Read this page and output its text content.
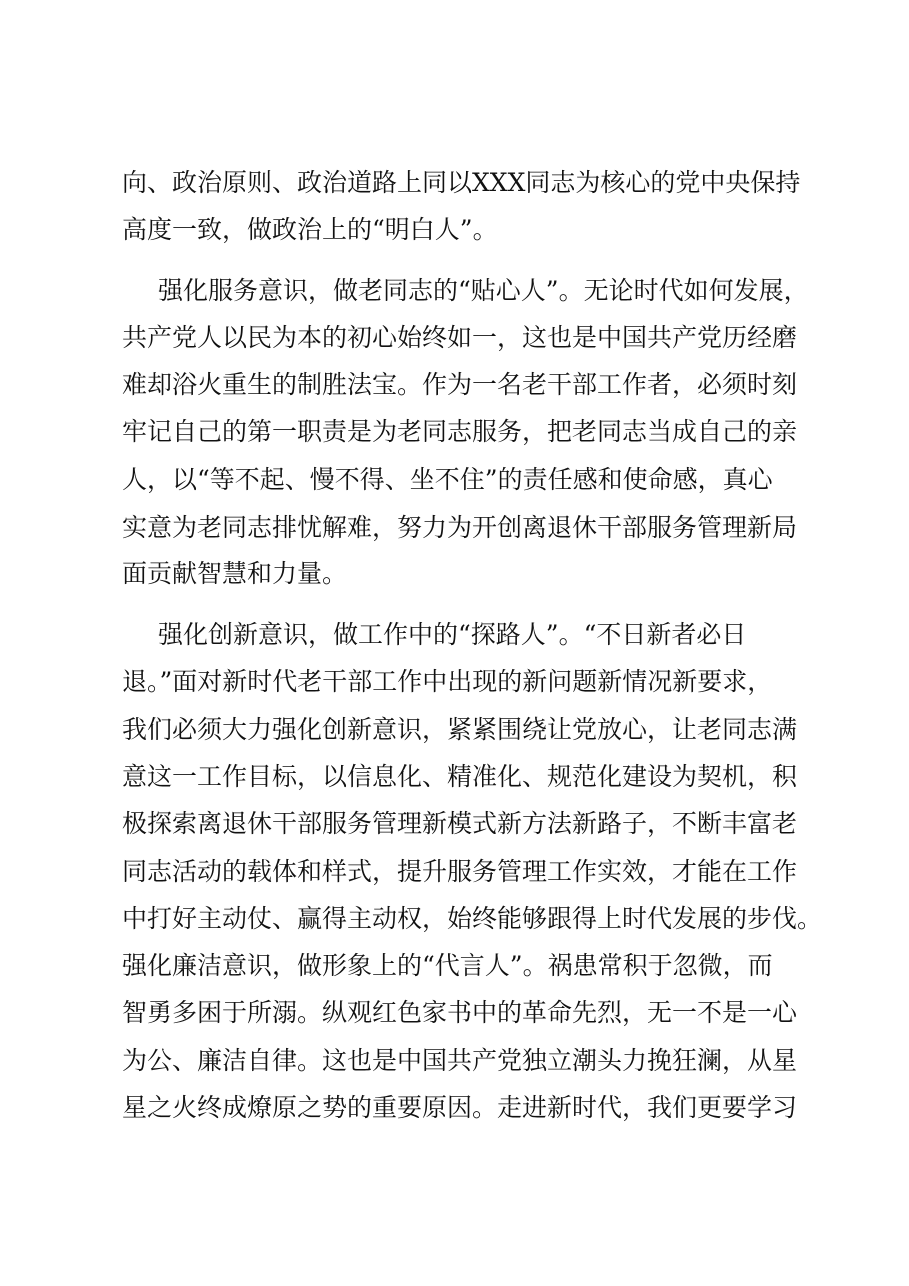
向、政治原则、政治道路上同以XXX同志为核心的党中央保持
高度一致，做政治上的“明白人”。
强化服务意识，做老同志的“贴心人”。无论时代如何发展，
共产党人以民为本的初心始终如一，这也是中国共产党历经磨
难却浴火重生的制胜法宝。作为一名老干部工作者，必须时刻
牢记自己的第一职责是为老同志服务，把老同志当成自己的亲
人，以“等不起、慢不得、坐不住”的责任感和使命感，真心
实意为老同志排忧解难，努力为开创离退休干部服务管理新局
面贡献智慧和力量。
强化创新意识，做工作中的“探路人”。“不日新者必日
退。”面对新时代老干部工作中出现的新问题新情况新要求，
我们必须大力强化创新意识，紧紧围绕让党放心，让老同志满
意这一工作目标，以信息化、精准化、规范化建设为契机，积
极探索离退休干部服务管理新模式新方法新路子，不断丰富老
同志活动的载体和样式，提升服务管理工作实效，才能在工作
中打好主动仗、赢得主动权，始终能够跟得上时代发展的步伐。
强化廉洁意识，做形象上的“代言人”。祸患常积于忽微，而
智勇多困于所溺。纵观红色家书中的革命先烈，无一不是一心
为公、廉洁自律。这也是中国共产党独立潮头力挽狂澜，从星
星之火终成燎原之势的重要原因。走进新时代，我们更要学习
